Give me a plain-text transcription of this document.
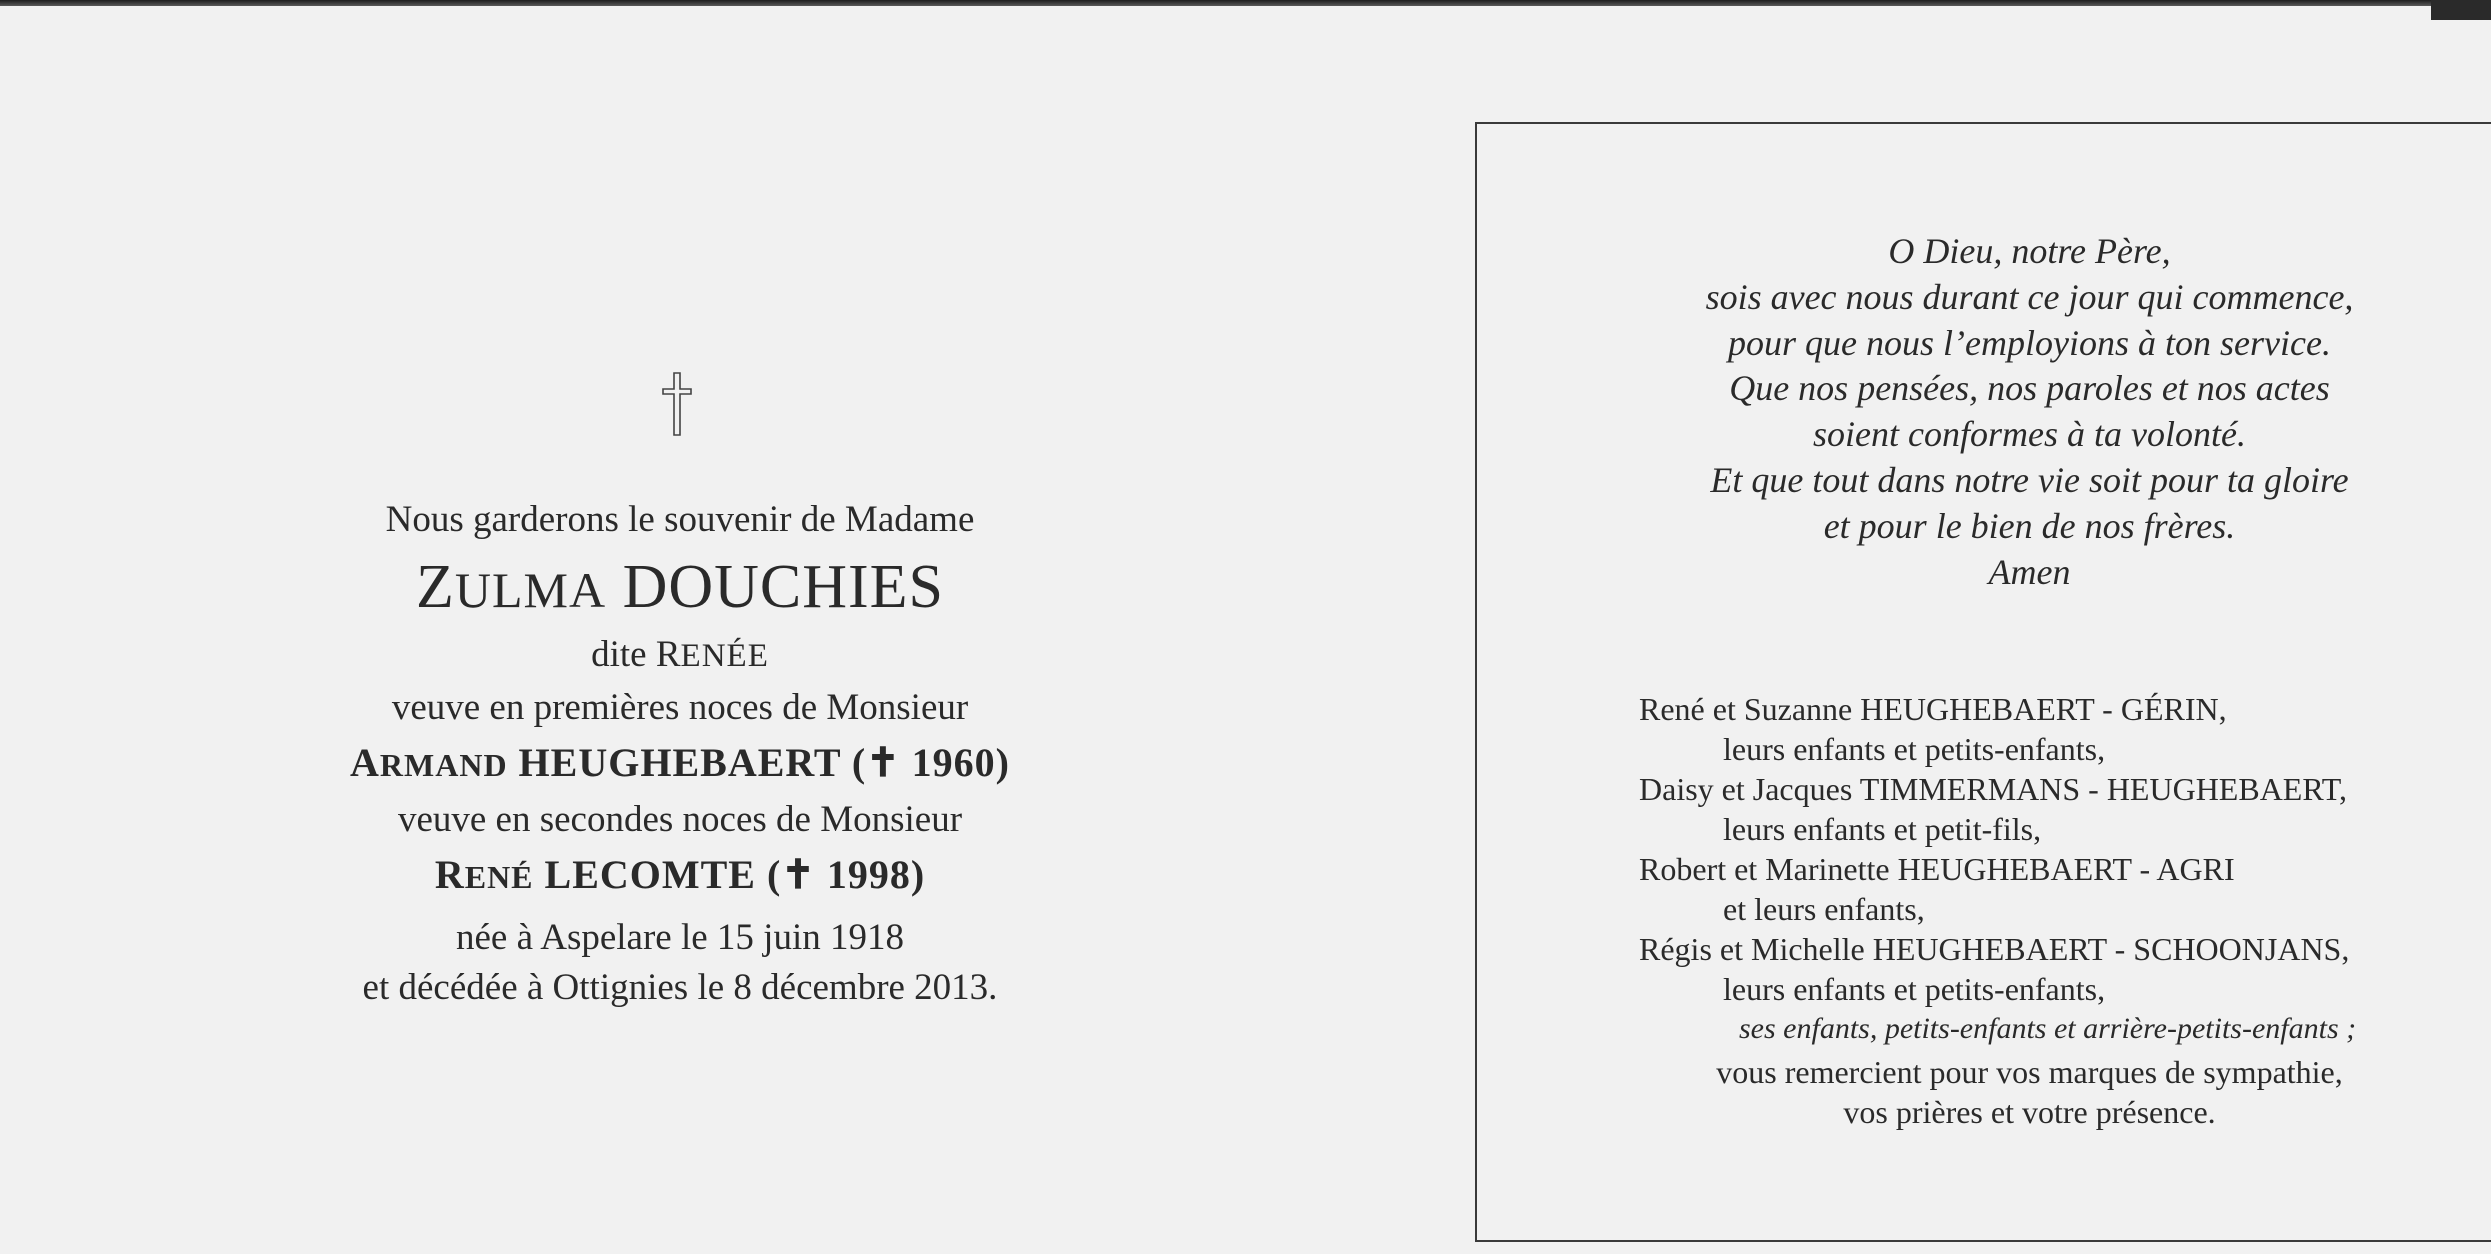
Nous garderons le souvenir de Madame
ZULMA DOUCHIES
dite RENÉE
veuve en premières noces de Monsieur
ARMAND HEUGHEBAERT (✝ 1960)
veuve en secondes noces de Monsieur
RENÉ LECOMTE (✝ 1998)
née à Aspelare le 15 juin 1918
et décédée à Ottignies le 8 décembre 2013.
O Dieu, notre Père,
sois avec nous durant ce jour qui commence,
pour que nous l’employions à ton service.
Que nos pensées, nos paroles et nos actes
soient conformes à ta volonté.
Et que tout dans notre vie soit pour ta gloire
et pour le bien de nos frères.
Amen
René et Suzanne HEUGHEBAERT - GÉRIN,
leurs enfants et petits-enfants,
Daisy et Jacques TIMMERMANS - HEUGHEBAERT,
leurs enfants et petit-fils,
Robert et Marinette HEUGHEBAERT - AGRI
et leurs enfants,
Régis et Michelle HEUGHEBAERT - SCHOONJANS,
leurs enfants et petits-enfants,
ses enfants, petits-enfants et arrière-petits-enfants ;
vous remercient pour vos marques de sympathie,
vos prières et votre présence.
